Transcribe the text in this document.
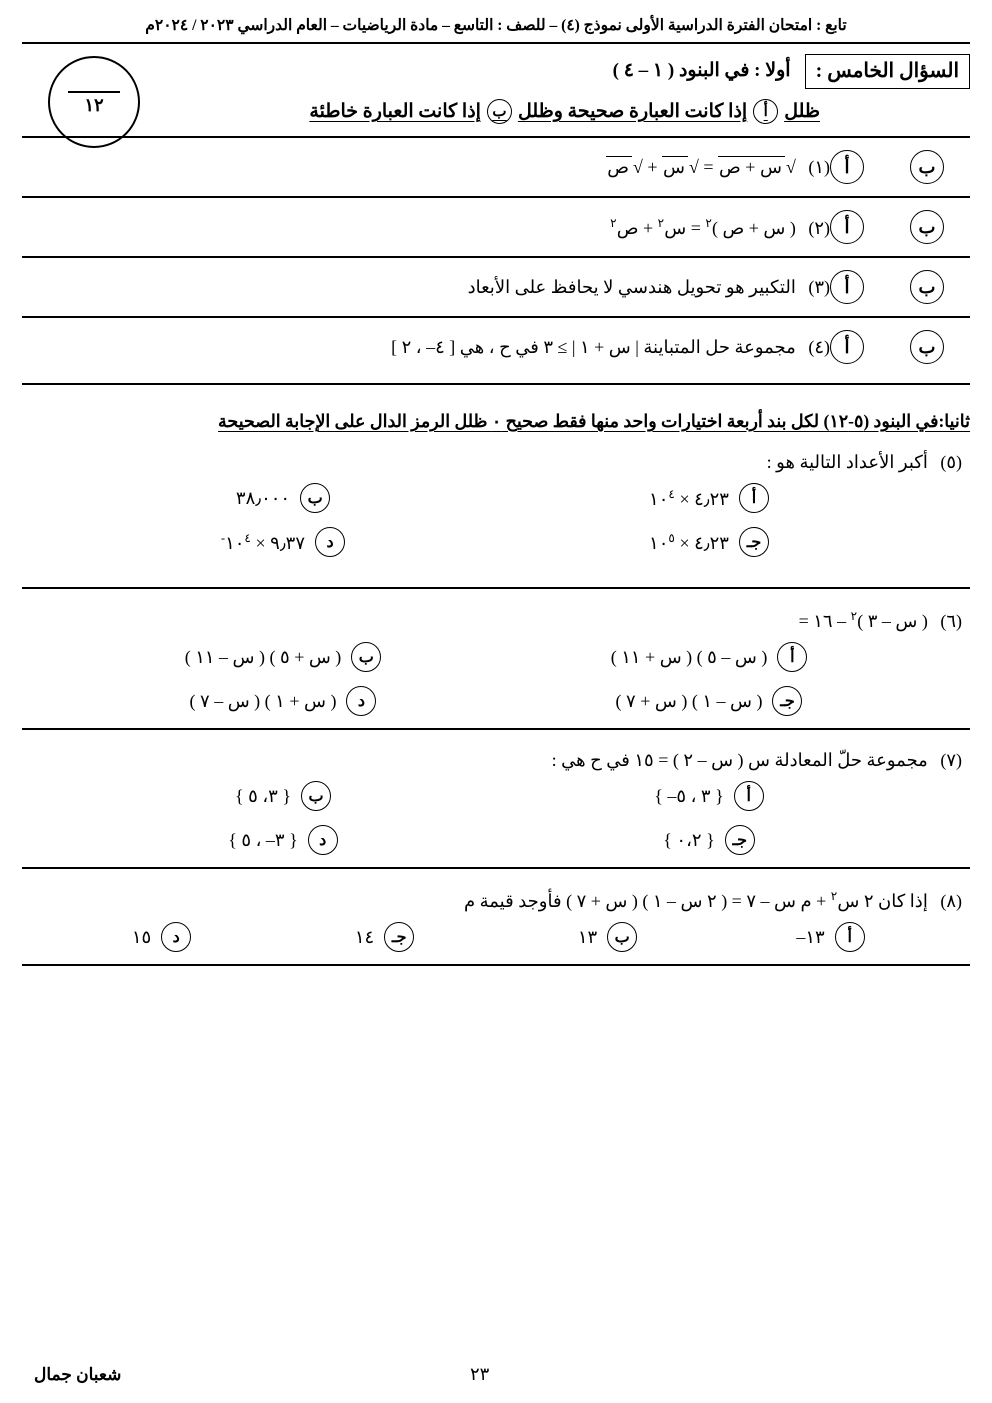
تابع : امتحان الفترة الدراسية الأولى نموذج (٤) – للصف : التاسع – مادة الرياضيات – العام الدراسي ٢٠٢٣ / ٢٠٢٤م
١٢
السؤال الخامس :
أولا : في البنود ( ١ – ٤ )
ظلل
أ
إذا كانت العبارة صحيحة وظلل
ب
إذا كانت العبارة خاطئة
ب
أ
(١) √س + ص = √س + √ص
ب
أ
(٢) ( س + ص )$^٢$ = س$^٢$ + ص$^٢$
ب
أ
(٣) التكبير هو تحويل هندسي لا يحافظ على الأبعاد
ب
أ
(٤) مجموعة حل المتباينة | س + ١ | ≥ ٣ في ح ، هي [ ٤– ، ٢ ]
ثانيا:في البنود (٥-١٢) لكل بند أربعة اختيارات واحد منها فقط صحيح ٠ ظلل الرمز الدال على الإجابة الصحيحة
(٥) أكبر الأعداد التالية هو :
أ
٤٫٢٣ × $١٠^٤$
ب
٣٨٫٠٠٠
جـ
٤٫٢٣ × $١٠^٥$
د
٩٫٣٧ × $١٠^{٤-}$
(٦) ( س – ٣ )$^٢$ – ١٦ =
أ
( س – ٥ ) ( س + ١١ )
ب
( س + ٥ ) ( س – ١١ )
جـ
( س – ١ ) ( س + ٧ )
د
( س + ١ ) ( س – ٧ )
(٧) مجموعة حلّ المعادلة س ( س – ٢ ) = ١٥ في ح هي :
أ
{ ٣ ، ٥– }
ب
{ ٣، ٥ }
جـ
{ ٠،٢ }
د
{ ٣– ، ٥ }
(٨) إذا كان ٢ س$^٢$ + م س – ٧ = ( ٢ س – ١ ) ( س + ٧ ) فأوجد قيمة م
أ
١٣–
ب
١٣
جـ
١٤
د
١٥
٢٣
شعبان جمال
